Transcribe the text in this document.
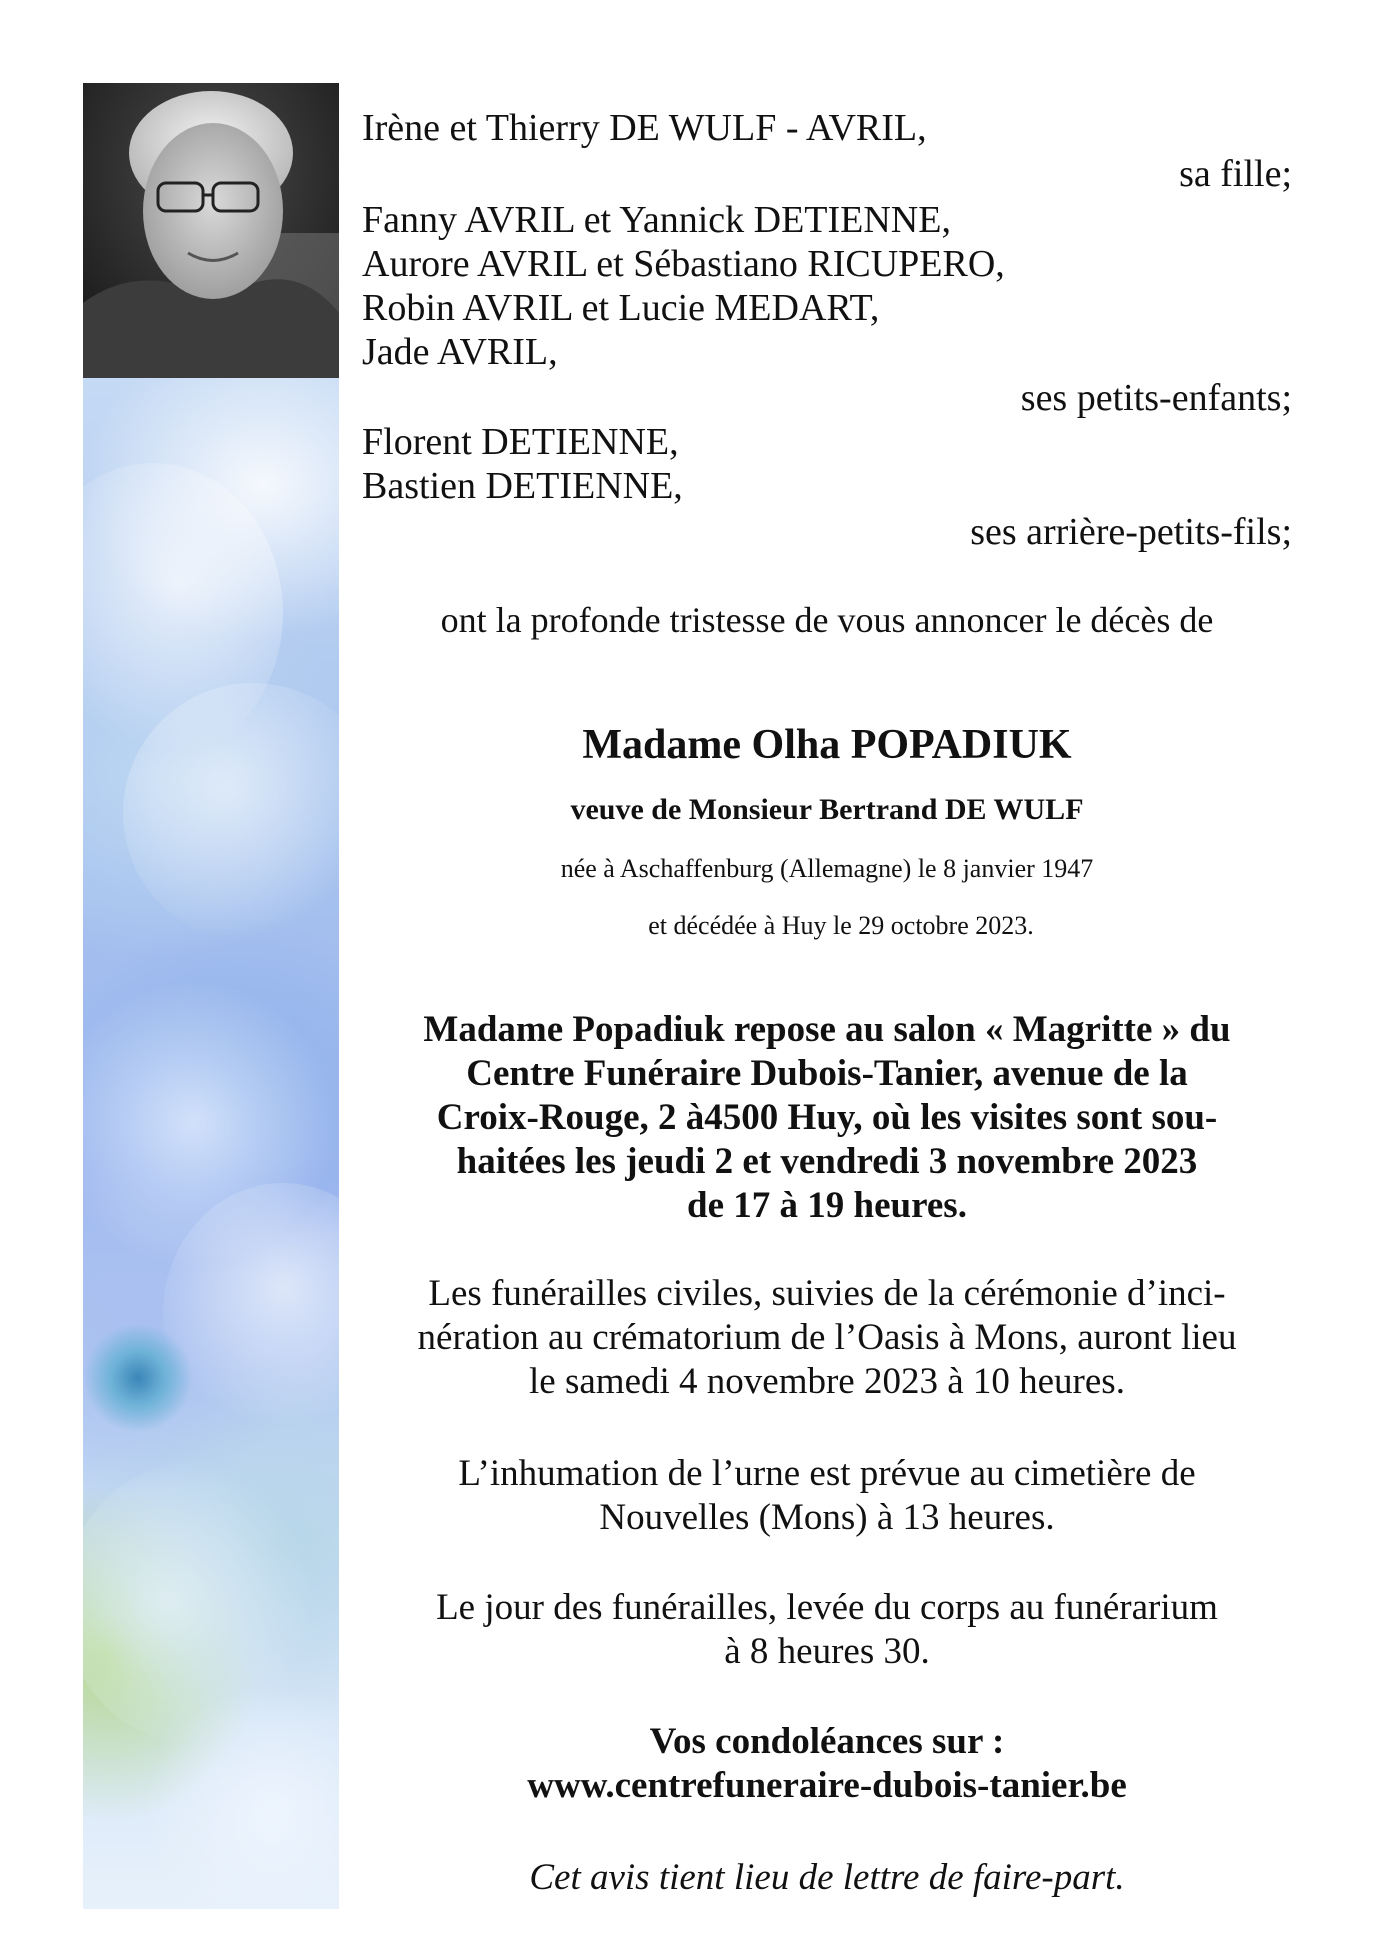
Irène et Thierry DE WULF - AVRIL,
sa fille;
Fanny AVRIL et Yannick DETIENNE,
Aurore AVRIL et Sébastiano RICUPERO,
Robin AVRIL et Lucie MEDART,
Jade AVRIL,
ses petits-enfants;
Florent DETIENNE,
Bastien DETIENNE,
ses arrière-petits-fils;
ont la profonde tristesse de vous annoncer le décès de
Madame Olha POPADIUK
veuve de Monsieur Bertrand DE WULF
née à Aschaffenburg (Allemagne) le 8 janvier 1947
et décédée à Huy le 29 octobre 2023.
Madame Popadiuk repose au salon « Magritte » du
Centre Funéraire Dubois-Tanier, avenue de la
Croix-Rouge, 2 à4500 Huy, où les visites sont sou-
haitées les jeudi 2 et vendredi 3 novembre 2023
de 17 à 19 heures.
Les funérailles civiles, suivies de la cérémonie d’inci-
nération au crématorium de l’Oasis à Mons, auront lieu
le samedi 4 novembre 2023 à 10 heures.
L’inhumation de l’urne est prévue au cimetière de
Nouvelles (Mons) à 13 heures.
Le jour des funérailles, levée du corps au funérarium
à 8 heures 30.
Vos condoléances sur :
www.centrefuneraire-dubois-tanier.be
Cet avis tient lieu de lettre de faire-part.
